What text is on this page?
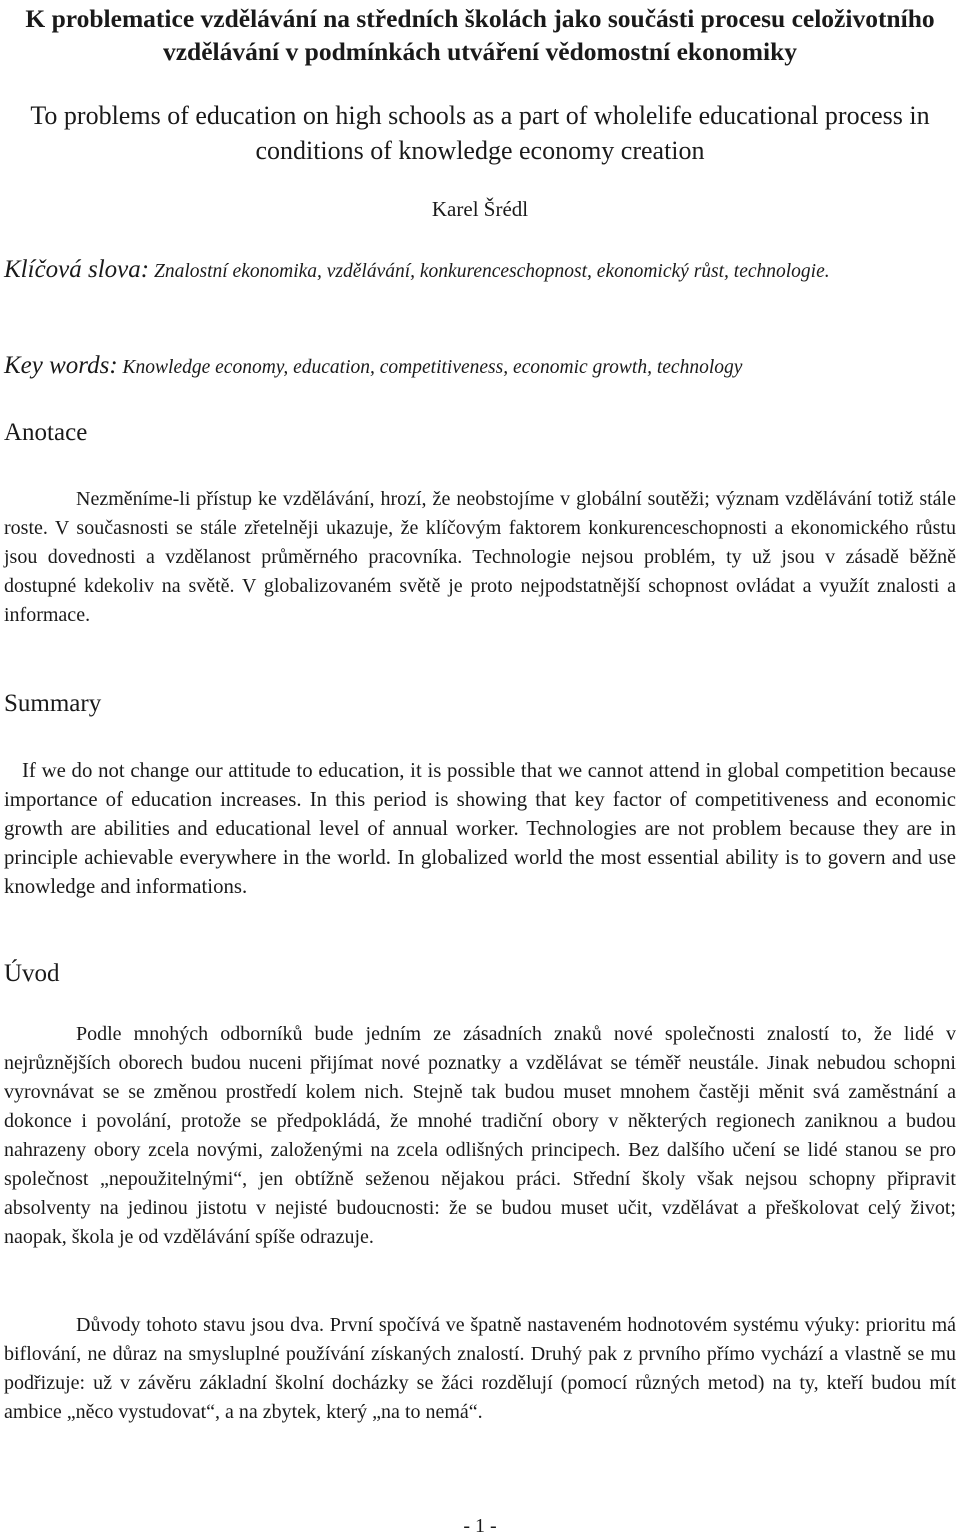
K problematice vzdělávání na středních školách jako součásti procesu celoživotního vzdělávání v podmínkách utváření vědomostní ekonomiky
To problems of education on high schools as a part of wholelife educational process in conditions of knowledge economy creation
Karel Šrédl
Klíčová slova: Znalostní ekonomika, vzdělávání, konkurenceschopnost, ekonomický růst, technologie.
Key words: Knowledge economy, education, competitiveness, economic growth, technology
Anotace

Nezměníme-li přístup ke vzdělávání, hrozí, že neobstojíme v globální soutěži; význam vzdělávání totiž stále roste. V současnosti se stále zřetelněji ukazuje, že klíčovým faktorem konkurenceschopnosti a ekonomického růstu jsou dovednosti a vzdělanost průměrného pracovníka. Technologie nejsou problém, ty už jsou v zásadě běžně dostupné kdekoliv na světě. V globalizovaném světě je proto nejpodstatnější schopnost ovládat a využít znalosti a informace.

Summary

If we do not change our attitude to education, it is possible that we cannot attend in global competition because importance of education increases. In this period is showing that key factor of competitiveness and economic growth are abilities and educational level of annual worker. Technologies are not problem because they are in principle achievable everywhere in the world. In globalized world the most essential ability is to govern and use knowledge and informations.

Úvod

Podle mnohých odborníků bude jedním ze zásadních znaků nové společnosti znalostí to, že lidé v nejrůznějších oborech budou nuceni přijímat nové poznatky a vzdělávat se téměř neustále. Jinak nebudou schopni vyrovnávat se se změnou prostředí kolem nich. Stejně tak budou muset mnohem častěji měnit svá zaměstnání a dokonce i povolání, protože se předpokládá, že mnohé tradiční obory v některých regionech zaniknou a budou nahrazeny obory zcela novými, založenými na zcela odlišných principech. Bez dalšího učení se lidé stanou se pro společnost „nepoužitelnými“, jen obtížně seženou nějakou práci. Střední školy však nejsou schopny připravit absolventy na jedinou jistotu v nejisté budoucnosti: že se budou muset učit, vzdělávat a přeškolovat celý život; naopak, škola je od vzdělávání spíše odrazuje.

Důvody tohoto stavu jsou dva. První spočívá ve špatně nastaveném hodnotovém systému výuky: prioritu má biflování, ne důraz na smysluplné používání získaných znalostí. Druhý pak z prvního přímo vychází a vlastně se mu podřizuje: už v závěru základní školní docházky se žáci rozdělují (pomocí různých metod) na ty, kteří budou mít ambice „něco vystudovat“, a na zbytek, který „na to nemá“.

- 1 -
